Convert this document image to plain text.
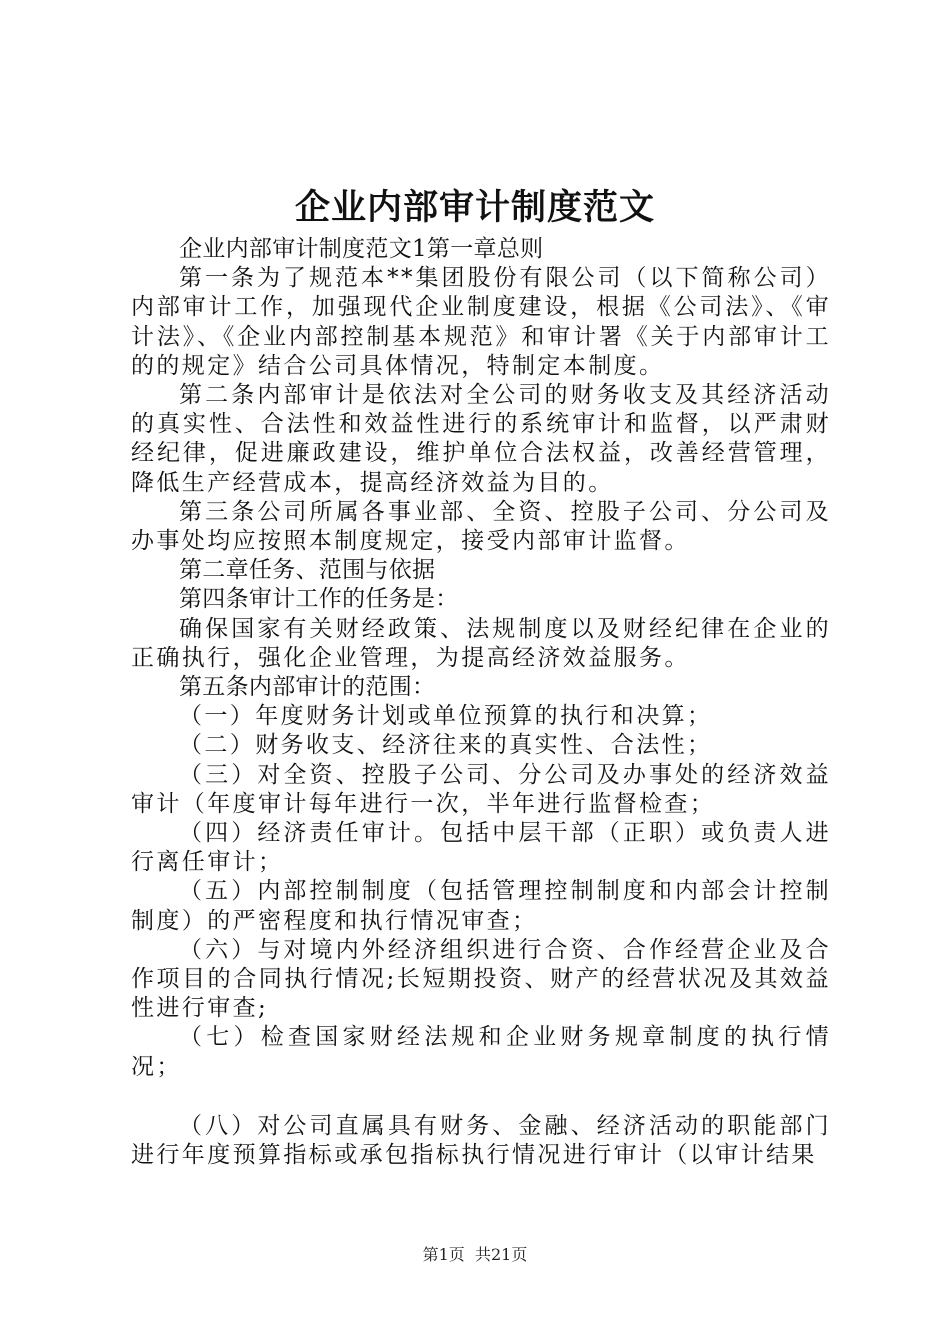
企业内部审计制度范文

企业内部审计制度范文1第一章总则

第一条为了规范本**集团股份有限公司（以下简称公司）内部审计工作，加强现代企业制度建设，根据《公司法》、《审计法》、《企业内部控制基本规范》和审计署《关于内部审计工的的规定》结合公司具体情况，特制定本制度。

第二条内部审计是依法对全公司的财务收支及其经济活动的真实性、合法性和效益性进行的系统审计和监督，以严肃财经纪律，促进廉政建设，维护单位合法权益，改善经营管理，降低生产经营成本，提高经济效益为目的。

第三条公司所属各事业部、全资、控股子公司、分公司及办事处均应按照本制度规定，接受内部审计监督。

第二章任务、范围与依据

第四条审计工作的任务是：

确保国家有关财经政策、法规制度以及财经纪律在企业的正确执行，强化企业管理，为提高经济效益服务。

第五条内部审计的范围：

（一）年度财务计划或单位预算的执行和决算；

（二）财务收支、经济往来的真实性、合法性；

（三）对全资、控股子公司、分公司及办事处的经济效益审计（年度审计每年进行一次，半年进行监督检查；

（四）经济责任审计。包括中层干部（正职）或负责人进行离任审计；

（五）内部控制制度（包括管理控制制度和内部会计控制制度）的严密程度和执行情况审查；

（六）与对境内外经济组织进行合资、合作经营企业及合作项目的合同执行情况;长短期投资、财产的经营状况及其效益性进行审查;

（七）检查国家财经法规和企业财务规章制度的执行情况；

（八）对公司直属具有财务、金融、经济活动的职能部门进行年度预算指标或承包指标执行情况进行审计（以审计结果

第1页 共21页
